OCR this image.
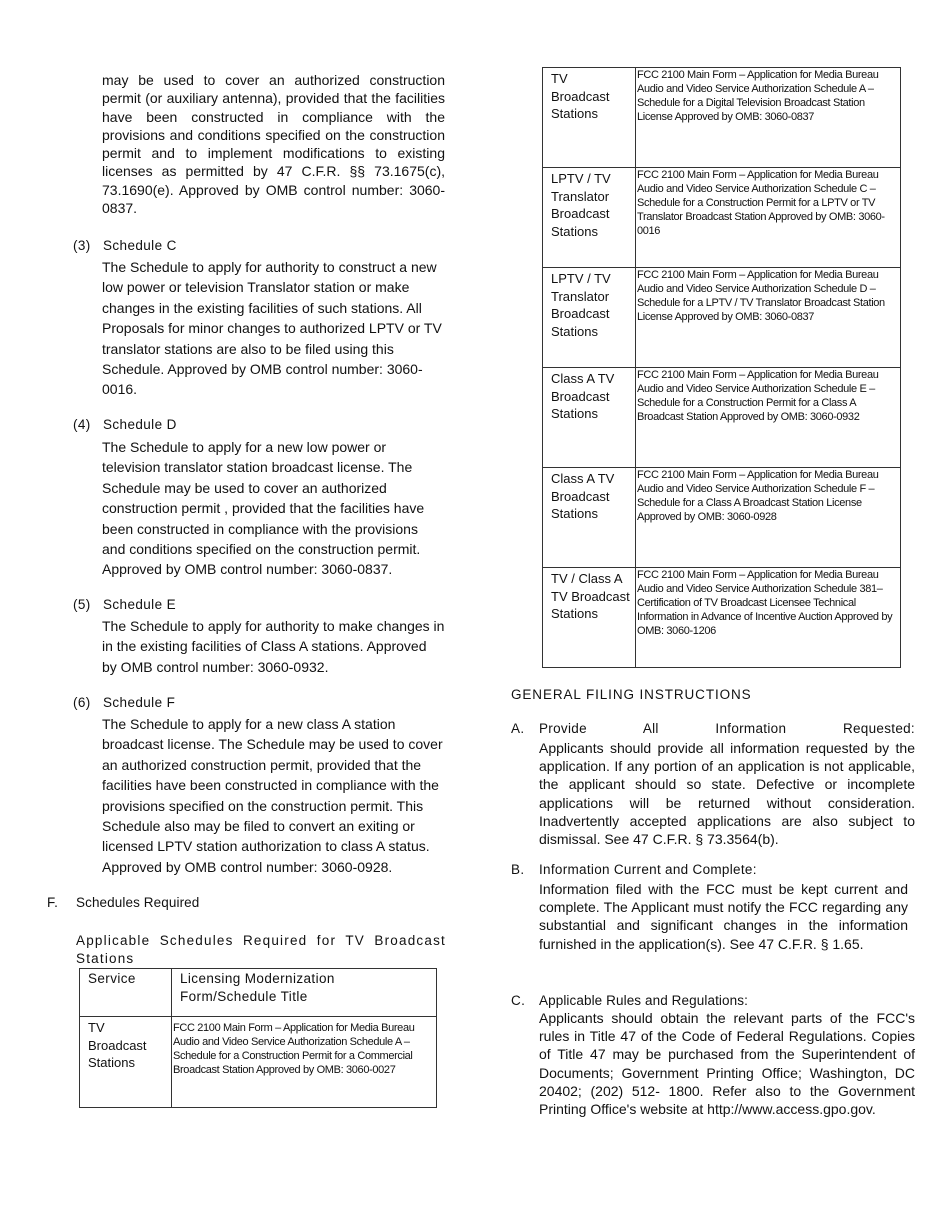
may be used to cover an authorized construction permit (or auxiliary antenna), provided that the facilities have been constructed in compliance with the provisions and conditions specified on the construction permit and to implement modifications to existing licenses as permitted by 47 C.F.R. §§ 73.1675(c), 73.1690(e). Approved by OMB control number: 3060-0837.
(3) Schedule C
The Schedule to apply for authority to construct a new low power or television Translator station or make changes in the existing facilities of such stations. All Proposals for minor changes to authorized LPTV or TV translator stations are also to be filed using this Schedule. Approved by OMB control number: 3060-0016.
(4) Schedule D
The Schedule to apply for a new low power or television translator station broadcast license. The Schedule may be used to cover an authorized construction permit , provided that the facilities have been constructed in compliance with the provisions and conditions specified on the construction permit. Approved by OMB control number: 3060-0837.
(5) Schedule E
The Schedule to apply for authority to make changes in in the existing facilities of Class A stations. Approved by OMB control number: 3060-0932.
(6) Schedule F
The Schedule to apply for a new class A station broadcast license. The Schedule may be used to cover an authorized construction permit, provided that the facilities have been constructed in compliance with the provisions specified on the construction permit. This Schedule also may be filed to convert an exiting or licensed LPTV station authorization to class A status. Approved by OMB control number: 3060-0928.
F. Schedules Required
Applicable Schedules Required for TV Broadcast Stations
Service	Licensing Modernization Form/Schedule Title

TV Broadcast Stations	FCC 2100 Main Form – Application for Media Bureau Audio and Video Service Authorization Schedule A – Schedule for a Construction Permit for a Commercial Broadcast Station Approved by OMB: 3060-0027
TV Broadcast Stations	FCC 2100 Main Form – Application for Media Bureau Audio and Video Service Authorization Schedule A – Schedule for a Digital Television Broadcast Station License Approved by OMB: 3060-0837

LPTV / TV Translator Broadcast Stations	FCC 2100 Main Form – Application for Media Bureau Audio and Video Service Authorization Schedule C – Schedule for a Construction Permit for a LPTV or TV Translator Broadcast Station Approved by OMB: 3060-0016

LPTV / TV Translator Broadcast Stations	FCC 2100 Main Form – Application for Media Bureau Audio and Video Service Authorization Schedule D – Schedule for a LPTV / TV Translator Broadcast Station License Approved by OMB: 3060-0837

Class A TV Broadcast Stations	FCC 2100 Main Form – Application for Media Bureau Audio and Video Service Authorization Schedule E – Schedule for a Construction Permit for a Class A Broadcast Station Approved by OMB: 3060-0932

Class A TV Broadcast Stations	FCC 2100 Main Form – Application for Media Bureau Audio and Video Service Authorization Schedule F – Schedule for a Class A Broadcast Station License Approved by OMB: 3060-0928

TV / Class A TV Broadcast Stations	FCC 2100 Main Form – Application for Media Bureau Audio and Video Service Authorization Schedule 381– Certification of TV Broadcast Licensee Technical Information in Advance of Incentive Auction Approved by OMB: 3060-1206
GENERAL FILING INSTRUCTIONS
A. Provide All Information Requested:
Applicants should provide all information requested by the application. If any portion of an application is not applicable, the applicant should so state. Defective or incomplete applications will be returned without consideration. Inadvertently accepted applications are also subject to dismissal. See 47 C.F.R. § 73.3564(b).
B. Information Current and Complete:
Information filed with the FCC must be kept current and complete. The Applicant must notify the FCC regarding any substantial and significant changes in the information furnished in the application(s). See 47 C.F.R. § 1.65.
C. Applicable Rules and Regulations:
Applicants should obtain the relevant parts of the FCC's rules in Title 47 of the Code of Federal Regulations. Copies of Title 47 may be purchased from the Superintendent of Documents; Government Printing Office; Washington, DC 20402; (202) 512- 1800. Refer also to the Government Printing Office's website at http://www.access.gpo.gov.
